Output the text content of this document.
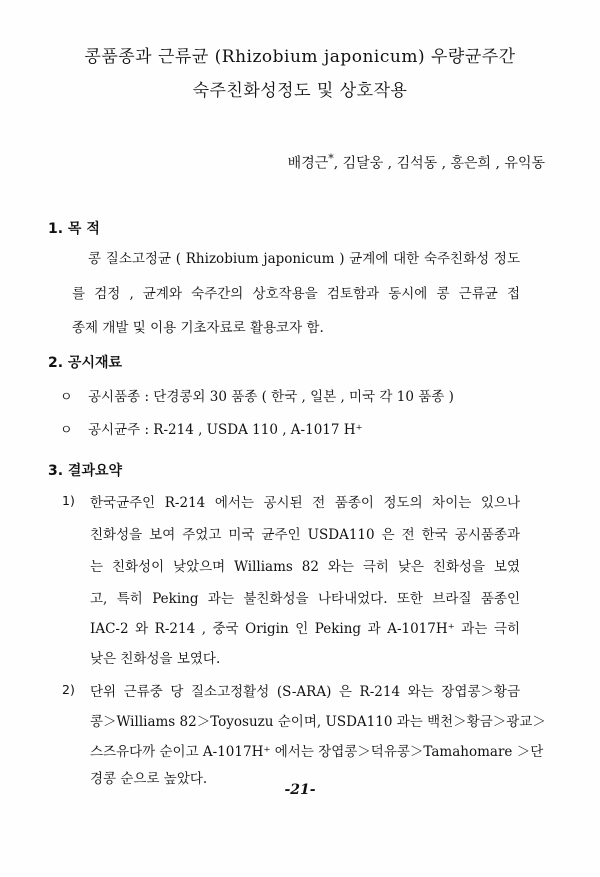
콩품종과 근류균 (Rhizobium japonicum) 우량균주간
숙주친화성정도 및 상호작용
배경근*, 김달웅 , 김석동 , 홍은희 , 유익동
1. 목 적
콩 질소고정균 ( Rhizobium japonicum ) 균계에 대한 숙주친화성 정도
를 검정 , 균계와 숙주간의 상호작용을 검토함과 동시에 콩 근류균 접
종제 개발 및 이용 기초자료로 활용코자 함.
2. 공시재료
ㅇ 공시품종 : 단경콩외 30 품종 ( 한국 , 일본 , 미국 각 10 품종 )
ㅇ 공시균주 : R-214 , USDA 110 , A-1017 H⁺
3. 결과요약
1) 한국균주인 R-214 에서는 공시된 전 품종이 정도의 차이는 있으나
친화성을 보여 주었고 미국 균주인 USDA110 은 전 한국 공시품종과
는 친화성이 낮았으며 Williams 82 와는 극히 낮은 친화성을 보였
고, 특히 Peking 과는 불친화성을 나타내었다. 또한 브라질 품종인
IAC-2 와 R-214 , 중국 Origin 인 Peking 과 A-1017H⁺ 과는 극히
낮은 친화성을 보였다.
2) 단위 근류중 당 질소고정활성 (S-ARA) 은 R-214 와는 장엽콩＞황금
콩＞Williams 82＞Toyosuzu 순이며, USDA110 과는 백천＞황금＞광교＞
스즈유다까 순이고 A-1017H⁺ 에서는 장엽콩＞덕유콩＞Tamahomare ＞단
경콩 순으로 높았다.
-21-
